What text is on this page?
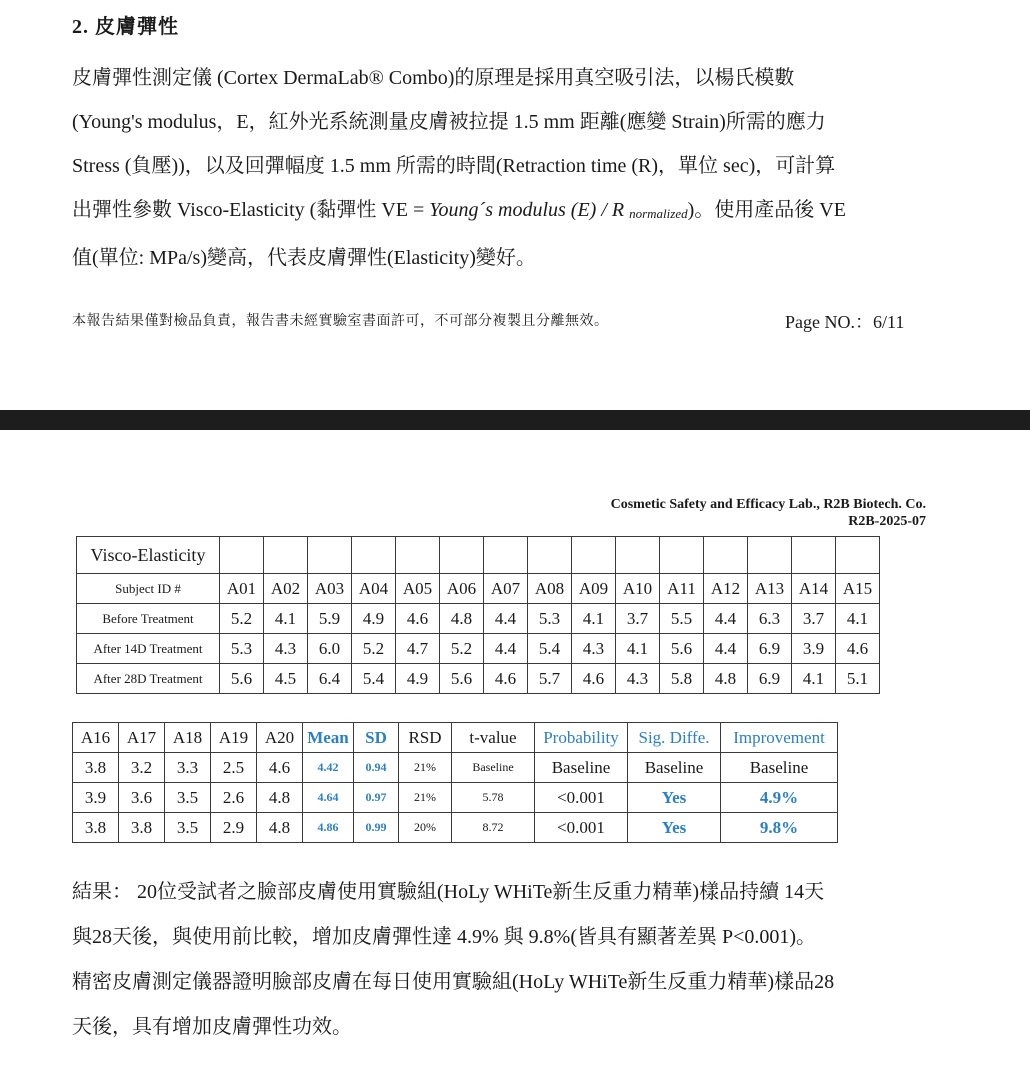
2. 皮膚彈性

皮膚彈性測定儀 (Cortex DermaLab® Combo)的原理是採用真空吸引法，以楊氏模數

(Young's modulus，E，紅外光系統測量皮膚被拉提 1.5 mm 距離(應變 Strain)所需的應力

Stress (負壓))，以及回彈幅度 1.5 mm 所需的時間(Retraction time (R)，單位 sec)，可計算

出彈性參數 Visco-Elasticity (黏彈性 VE = Young´s modulus (E) / R normalized)。使用產品後 VE

值(單位: MPa/s)變高，代表皮膚彈性(Elasticity)變好。

本報告結果僅對檢品負責，報告書未經實驗室書面許可，不可部分複製且分離無效。	Page NO.：6/11
Cosmetic Safety and Efficacy Lab., R2B Biotech. Co.
R2B-2025-07
Visco-Elasticity															
Subject ID #	A01	A02	A03	A04	A05	A06	A07	A08	A09	A10	A11	A12	A13	A14	A15
Before Treatment	5.2	4.1	5.9	4.9	4.6	4.8	4.4	5.3	4.1	3.7	5.5	4.4	6.3	3.7	4.1
After 14D Treatment	5.3	4.3	6.0	5.2	4.7	5.2	4.4	5.4	4.3	4.1	5.6	4.4	6.9	3.9	4.6
After 28D Treatment	5.6	4.5	6.4	5.4	4.9	5.6	4.6	5.7	4.6	4.3	5.8	4.8	6.9	4.1	5.1
A16	A17	A18	A19	A20	Mean	SD	RSD	t-value	Probability	Sig. Diffe.	Improvement
3.8	3.2	3.3	2.5	4.6	4.42	0.94	21%	Baseline	Baseline	Baseline	Baseline
3.9	3.6	3.5	2.6	4.8	4.64	0.97	21%	5.78	<0.001	Yes	4.9%
3.8	3.8	3.5	2.9	4.8	4.86	0.99	20%	8.72	<0.001	Yes	9.8%

結果： 20位受試者之臉部皮膚使用實驗組(HoLy WHiTe新生反重力精華)樣品持續 14天

與28天後，與使用前比較，增加皮膚彈性達 4.9% 與 9.8%(皆具有顯著差異 P<0.001)。

精密皮膚測定儀器證明臉部皮膚在每日使用實驗組(HoLy WHiTe新生反重力精華)樣品28

天後，具有增加皮膚彈性功效。
